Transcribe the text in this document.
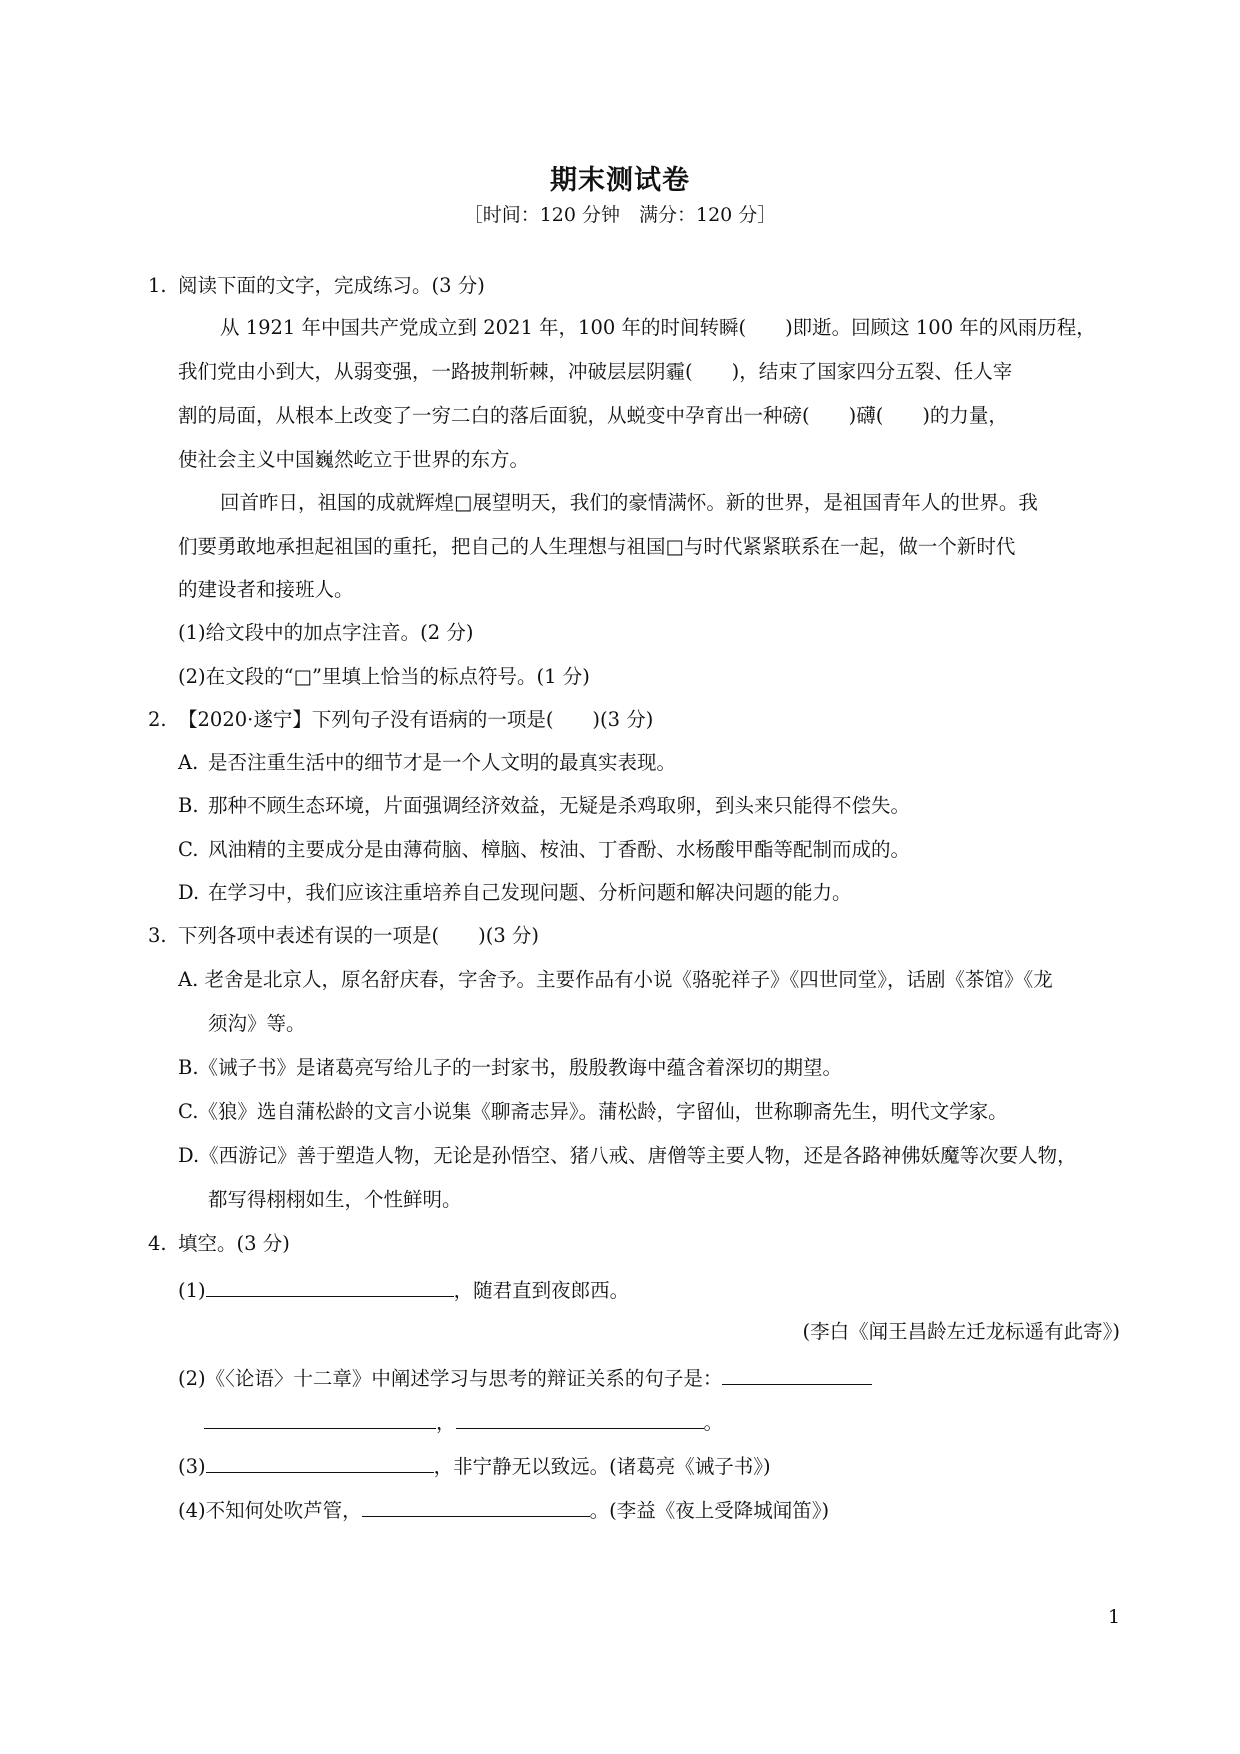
期末测试卷
［时间：120 分钟　满分：120 分］
1. 阅读下面的文字，完成练习。(3 分)
从 1921 年中国共产党成立到 2021 年，100 年的时间转瞬(　　)即逝。回顾这 100 年的风雨历程，
我们党由小到大，从弱变强，一路披荆斩棘，冲破层层阴霾(　　)，结束了国家四分五裂、任人宰
割的局面，从根本上改变了一穷二白的落后面貌，从蜕变中孕育出一种磅(　　)礴(　　)的力量，
使社会主义中国巍然屹立于世界的东方。
回首昨日，祖国的成就辉煌□展望明天，我们的豪情满怀。新的世界，是祖国青年人的世界。我
们要勇敢地承担起祖国的重托，把自己的人生理想与祖国□与时代紧紧联系在一起，做一个新时代
的建设者和接班人。
(1)给文段中的加点字注音。(2 分)
(2)在文段的“□”里填上恰当的标点符号。(1 分)
2. 【2020·遂宁】下列句子没有语病的一项是(　　)(3 分)
A. 是否注重生活中的细节才是一个人文明的最真实表现。
B. 那种不顾生态环境，片面强调经济效益，无疑是杀鸡取卵，到头来只能得不偿失。
C. 风油精的主要成分是由薄荷脑、樟脑、桉油、丁香酚、水杨酸甲酯等配制而成的。
D. 在学习中，我们应该注重培养自己发现问题、分析问题和解决问题的能力。
3. 下列各项中表述有误的一项是(　　)(3 分)
A. 老舍是北京人，原名舒庆春，字舍予。主要作品有小说《骆驼祥子》《四世同堂》，话剧《茶馆》《龙
须沟》等。
B.《诫子书》是诸葛亮写给儿子的一封家书，殷殷教诲中蕴含着深切的期望。
C.《狼》选自蒲松龄的文言小说集《聊斋志异》。蒲松龄，字留仙，世称聊斋先生，明代文学家。
D.《西游记》善于塑造人物，无论是孙悟空、猪八戒、唐僧等主要人物，还是各路神佛妖魔等次要人物，
都写得栩栩如生，个性鲜明。
4. 填空。(3 分)
(1)	，随君直到夜郎西。
(李白《闻王昌龄左迁龙标遥有此寄》)
(2)《〈论语〉十二章》中阐述学习与思考的辩证关系的句子是：
，	。
(3)	，非宁静无以致远。(诸葛亮《诫子书》)
(4)不知何处吹芦管，	。(李益《夜上受降城闻笛》)
1
